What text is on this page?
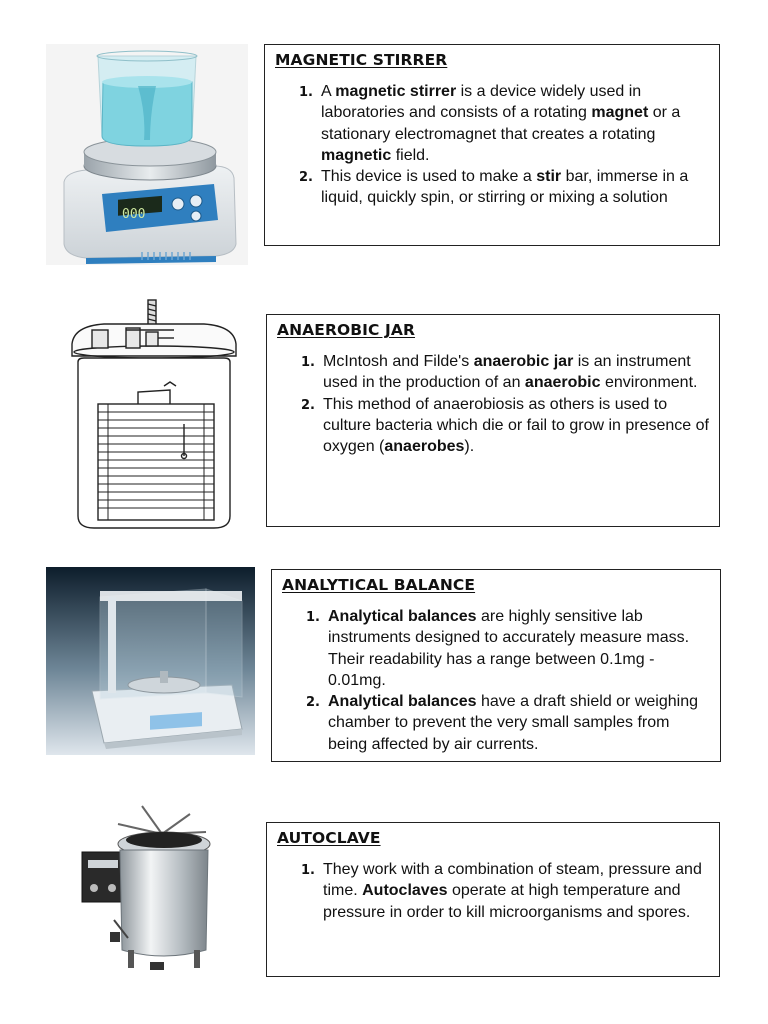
000
MAGNETIC STIRRER
1. A magnetic stirrer is a device widely used in laboratories and consists of a rotating magnet or a stationary electromagnet that creates a rotating magnetic field.
2. This device is used to make a stir bar, immerse in a liquid, quickly spin, or stirring or mixing a solution
ANAEROBIC JAR
1. McIntosh and Filde's anaerobic jar is an instrument used in the production of an anaerobic environment.
2. This method of anaerobiosis as others is used to culture bacteria which die or fail to grow in presence of oxygen (anaerobes).
ANALYTICAL BALANCE
1. Analytical balances are highly sensitive lab instruments designed to accurately measure mass. Their readability has a range between 0.1mg - 0.01mg.
2. Analytical balances have a draft shield or weighing chamber to prevent the very small samples from being affected by air currents.
AUTOCLAVE
1. They work with a combination of steam, pressure and time. Autoclaves operate at high temperature and pressure in order to kill microorganisms and spores.
